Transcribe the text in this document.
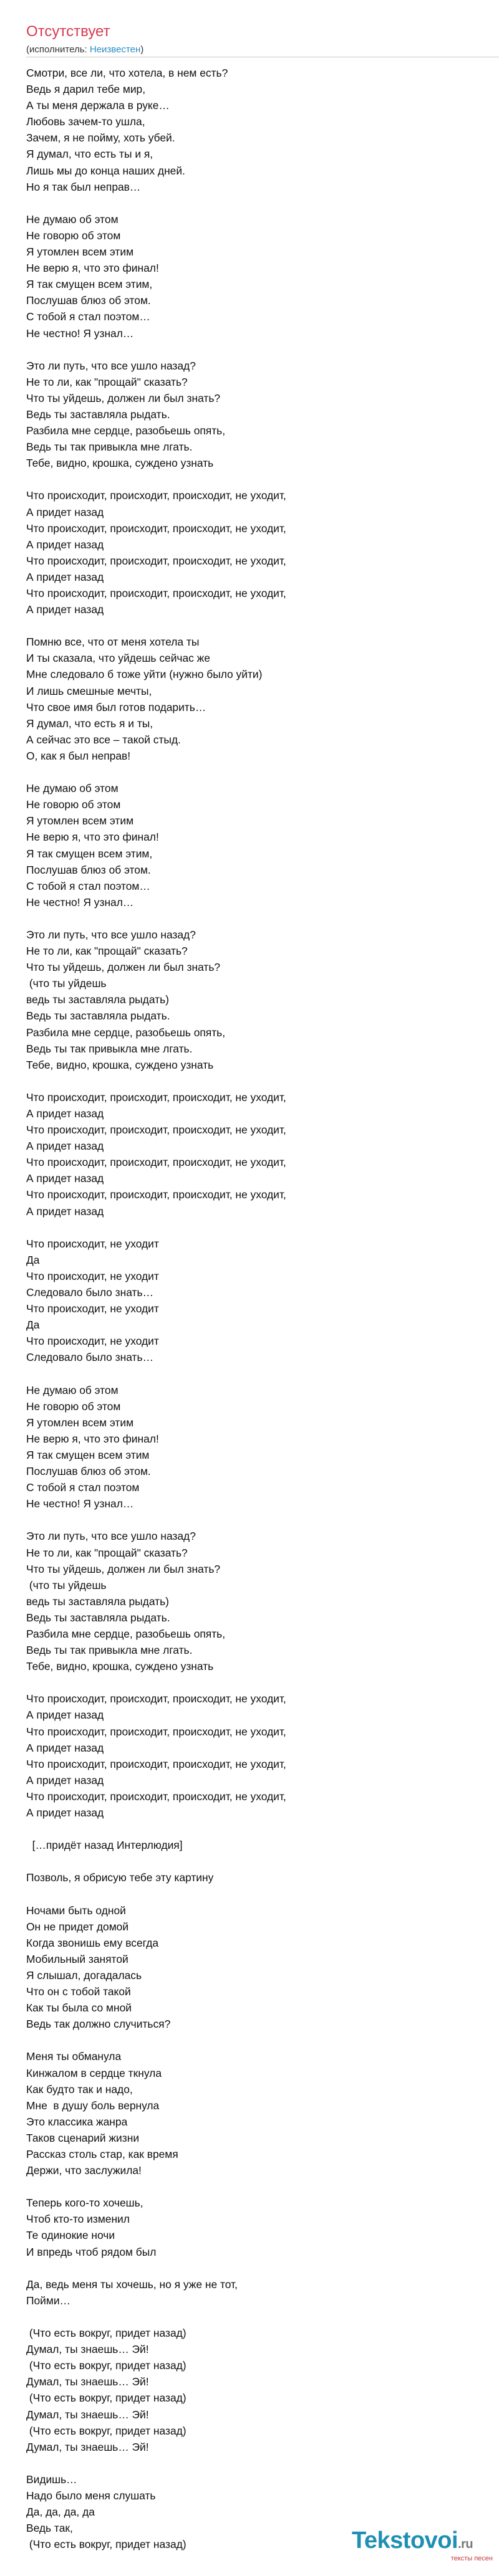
Отсутствует
(исполнитель: Неизвестен)
Смотри, все ли, что хотела, в нем есть?
Ведь я дарил тебе мир,
А ты меня держала в руке…
Любовь зачем-то ушла,
Зачем, я не пойму, хоть убей.
Я думал, что есть ты и я,
Лишь мы до конца наших дней.
Но я так был неправ…
Не думаю об этом
Не говорю об этом
Я утомлен всем этим
Не верю я, что это финал!
Я так смущен всем этим,
Послушав блюз об этом.
С тобой я стал поэтом…
Не честно! Я узнал…
Это ли путь, что все ушло назад?
Не то ли, как "прощай" сказать?
Что ты уйдешь, должен ли был знать?
Ведь ты заставляла рыдать.
Разбила мне сердце, разобьешь опять,
Ведь ты так привыкла мне лгать.
Тебе, видно, крошка, суждено узнать
Что происходит, происходит, происходит, не уходит,
А придет назад
Что происходит, происходит, происходит, не уходит,
А придет назад
Что происходит, происходит, происходит, не уходит,
А придет назад
Что происходит, происходит, происходит, не уходит,
А придет назад
Помню все, что от меня хотела ты
И ты сказала, что уйдешь сейчас же
Мне следовало б тоже уйти (нужно было уйти)
И лишь смешные мечты,
Что свое имя был готов подарить…
Я думал, что есть я и ты,
А сейчас это все – такой стыд.
О, как я был неправ!
Не думаю об этом
Не говорю об этом
Я утомлен всем этим
Не верю я, что это финал!
Я так смущен всем этим,
Послушав блюз об этом.
С тобой я стал поэтом…
Не честно! Я узнал…
Это ли путь, что все ушло назад?
Не то ли, как "прощай" сказать?
Что ты уйдешь, должен ли был знать?
(что ты уйдешь
ведь ты заставляла рыдать)
Ведь ты заставляла рыдать.
Разбила мне сердце, разобьешь опять,
Ведь ты так привыкла мне лгать.
Тебе, видно, крошка, суждено узнать
Что происходит, происходит, происходит, не уходит,
А придет назад
Что происходит, происходит, происходит, не уходит,
А придет назад
Что происходит, происходит, происходит, не уходит,
А придет назад
Что происходит, происходит, происходит, не уходит,
А придет назад
Что происходит, не уходит
Да
Что происходит, не уходит
Следовало было знать…
Что происходит, не уходит
Да
Что происходит, не уходит
Следовало было знать…
Не думаю об этом
Не говорю об этом
Я утомлен всем этим
Не верю я, что это финал!
Я так смущен всем этим
Послушав блюз об этом.
С тобой я стал поэтом
Не честно! Я узнал…
Это ли путь, что все ушло назад?
Не то ли, как "прощай" сказать?
Что ты уйдешь, должен ли был знать?
(что ты уйдешь
ведь ты заставляла рыдать)
Ведь ты заставляла рыдать.
Разбила мне сердце, разобьешь опять,
Ведь ты так привыкла мне лгать.
Тебе, видно, крошка, суждено узнать
Что происходит, происходит, происходит, не уходит,
А придет назад
Что происходит, происходит, происходит, не уходит,
А придет назад
Что происходит, происходит, происходит, не уходит,
А придет назад
Что происходит, происходит, происходит, не уходит,
А придет назад
[…придёт назад Интерлюдия]
Позволь, я обрисую тебе эту картину
Ночами быть одной
Он не придет домой
Когда звонишь ему всегда
Мобильный занятой
Я слышал, догадалась
Что он с тобой такой
Как ты была со мной
Ведь так должно случиться?
Меня ты обманула
Кинжалом в сердце ткнула
Как будто так и надо,
Мне  в душу боль вернула
Это классика жанра
Таков сценарий жизни
Рассказ столь стар, как время
Держи, что заслужила!
Теперь кого-то хочешь,
Чтоб кто-то изменил
Те одинокие ночи
И впредь чтоб рядом был
Да, ведь меня ты хочешь, но я уже не тот,
Пойми…
(Что есть вокруг, придет назад)
Думал, ты знаешь… Эй!
(Что есть вокруг, придет назад)
Думал, ты знаешь… Эй!
(Что есть вокруг, придет назад)
Думал, ты знаешь… Эй!
(Что есть вокруг, придет назад)
Думал, ты знаешь… Эй!
Видишь…
Надо было меня слушать
Да, да, да, да
Ведь так,
(Что есть вокруг, придет назад)	Tekstovoi.ru
тексты песен
